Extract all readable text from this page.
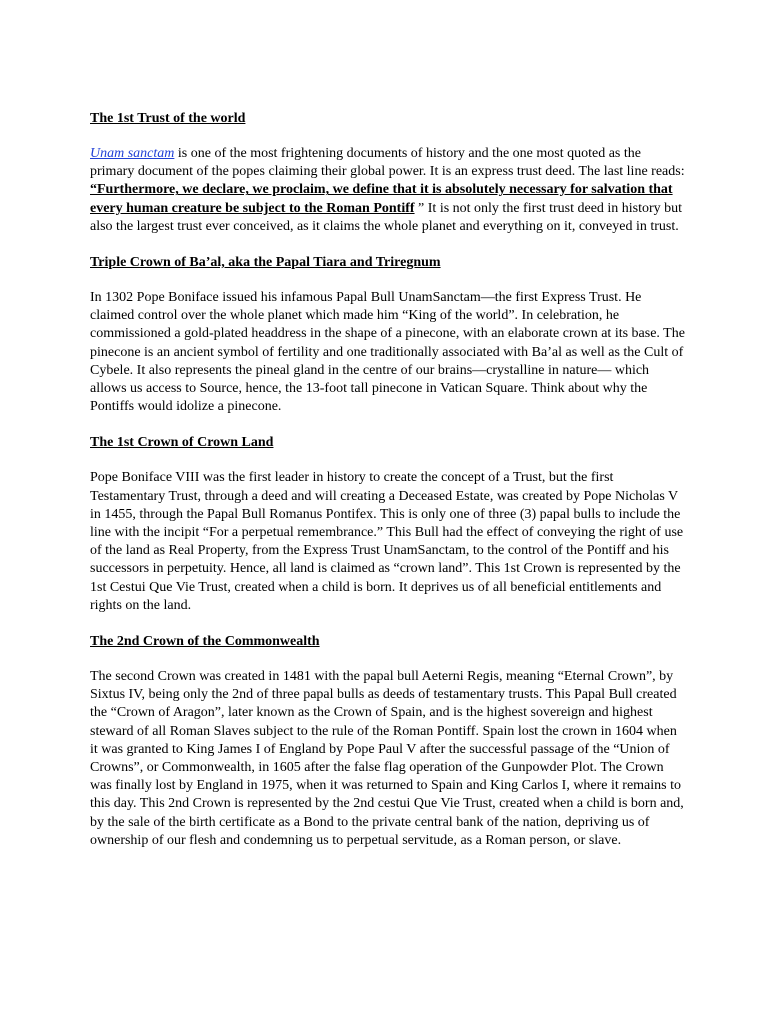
The 1st Trust of the world

Unam sanctam is one of the most frightening documents of history and the one most quoted as the primary document of the popes claiming their global power. It is an express trust deed. The last line reads: “Furthermore, we declare, we proclaim, we define that it is absolutely necessary for salvation that every human creature be subject to the Roman Pontiff ” It is not only the first trust deed in history but also the largest trust ever conceived, as it claims the whole planet and everything on it, conveyed in trust.

Triple Crown of Ba’al, aka the Papal Tiara and Triregnum

In 1302 Pope Boniface issued his infamous Papal Bull UnamSanctam—the first Express Trust. He claimed control over the whole planet which made him “King of the world”. In celebration, he commissioned a gold-plated headdress in the shape of a pinecone, with an elaborate crown at its base. The pinecone is an ancient symbol of fertility and one traditionally associated with Ba’al as well as the Cult of Cybele. It also represents the pineal gland in the centre of our brains—crystalline in nature— which allows us access to Source, hence, the 13-foot tall pinecone in Vatican Square. Think about why the Pontiffs would idolize a pinecone.

The 1st Crown of Crown Land

Pope Boniface VIII was the first leader in history to create the concept of a Trust, but the first Testamentary Trust, through a deed and will creating a Deceased Estate, was created by Pope Nicholas V in 1455, through the Papal Bull Romanus Pontifex. This is only one of three (3) papal bulls to include the line with the incipit “For a perpetual remembrance.” This Bull had the effect of conveying the right of use of the land as Real Property, from the Express Trust UnamSanctam, to the control of the Pontiff and his successors in perpetuity. Hence, all land is claimed as “crown land”. This 1st Crown is represented by the 1st Cestui Que Vie Trust, created when a child is born. It deprives us of all beneficial entitlements and rights on the land.

The 2nd Crown of the Commonwealth

The second Crown was created in 1481 with the papal bull Aeterni Regis, meaning “Eternal Crown”, by Sixtus IV, being only the 2nd of three papal bulls as deeds of testamentary trusts. This Papal Bull created the “Crown of Aragon”, later known as the Crown of Spain, and is the highest sovereign and highest steward of all Roman Slaves subject to the rule of the Roman Pontiff. Spain lost the crown in 1604 when it was granted to King James I of England by Pope Paul V after the successful passage of the “Union of Crowns”, or Commonwealth, in 1605 after the false flag operation of the Gunpowder Plot. The Crown was finally lost by England in 1975, when it was returned to Spain and King Carlos I, where it remains to this day. This 2nd Crown is represented by the 2nd cestui Que Vie Trust, created when a child is born and, by the sale of the birth certificate as a Bond to the private central bank of the nation, depriving us of ownership of our flesh and condemning us to perpetual servitude, as a Roman person, or slave.
